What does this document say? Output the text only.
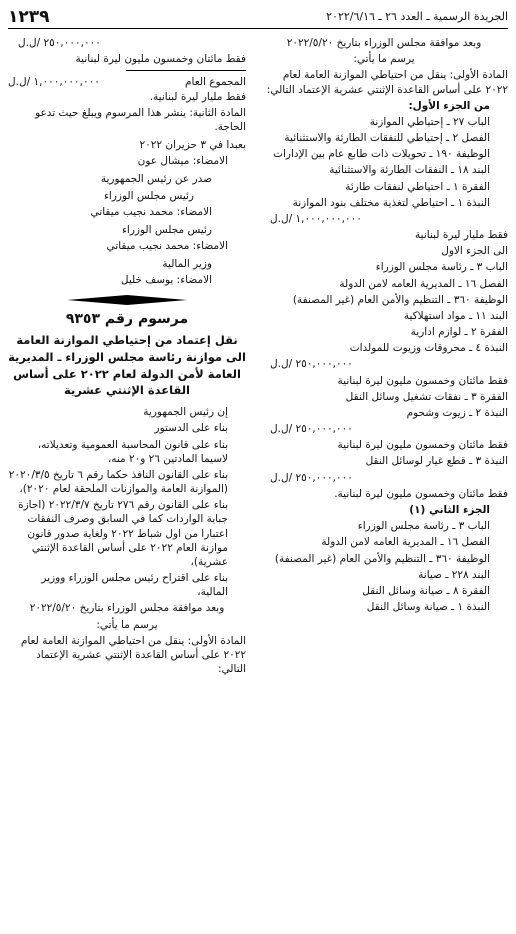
الجريدة الرسمية ـ العدد ٢٦ ـ ٢٠٢٢/٦/١٦
١٢٣٩

وبعد موافقة مجلس الوزراء بتاريخ ٢٠٢٢/٥/٢٠

يرسم ما يأتي:

المادة الأولى: ينقل من احتياطي الموازنة العامة لعام ٢٠٢٢ على أساس القاعدة الإثنتي عشرية الإعتماد التالي:

من الجزء الأول:

الباب ٢٧ ـ إحتياطي الموازنة

الفصل ٢ ـ إحتياطي للنفقات الطارئة والاستثنائية

الوظيفة ١٩٠ ـ تحويلات ذات طابع عام بين الإدارات

البند ١٨ ـ النفقات الطارئة والاستثنائية

الفقرة ١ ـ احتياطي لنفقات طارئة

النبذة ١ ـ احتياطي لتغذية مختلف بنود الموازنة

١,٠٠٠,٠٠٠,٠٠٠ /ل.ل

فقط مليار ليرة لبنانية

الى الجزء الاول

الباب ٣ ـ رئاسة مجلس الوزراء

الفصل ١٦ ـ المديرية العامه لامن الدولة

الوظيفة ٣٦٠ ـ التنظيم والأمن العام (غير المصنفة)

البند ١١ ـ مواد استهلاكية

الفقرة ٢ ـ لوازم ادارية

النبذة ٤ ـ محروقات وزيوت للمولدات

٢٥٠,٠٠٠,٠٠٠ /ل.ل

فقط مائتان وخمسون مليون ليرة لبنانية

الفقرة ٣ ـ نفقات تشغيل وسائل النقل

النبذة ٢ ـ زيوت وشحوم

٢٥٠,٠٠٠,٠٠٠ /ل.ل

فقط مائتان وخمسون مليون ليرة لبنانية

النبذة ٣ ـ قطع غيار لوسائل النقل

٢٥٠,٠٠٠,٠٠٠ /ل.ل

فقط مائتان وخمسون مليون ليرة لبنانية.

الجزء الثاني (١)

الباب ٣ ـ رئاسة مجلس الوزراء

الفصل ١٦ ـ المديرية العامه لامن الدولة

الوظيفة ٣٦٠ ـ التنظيم والأمن العام (غير المصنفة)

البند ٢٢٨ ـ صيانة

الفقرة ٨ ـ صيانة وسائل النقل

النبذة ١ ـ صيانة وسائل النقل

٢٥٠,٠٠٠,٠٠٠ /ل.ل

فقط مائتان وخمسون مليون ليرة لبنانية

المجموع العام
١,٠٠٠,٠٠٠,٠٠٠ /ل.ل

فقط مليار ليرة لبنانية.

المادة الثانية: ينشر هذا المرسوم ويبلغ حيث تدعو الحاجة.

بعبدا في ٣ حزيران ٢٠٢٢

الامضاء: ميشال عون

صدر عن رئيس الجمهورية

رئيس مجلس الوزراء

الامضاء: محمد نجيب ميقاتي

رئيس مجلس الوزراء

الامضاء: محمد نجيب ميقاتي

وزير المالية

الامضاء: يوسف خليل

مرسوم رقم ٩٣٥٣

نقل إعتماد من إحتياطي الموازنة العامة الى موازنة رئاسة مجلس الوزراء ـ المديرية العامة لأمن الدولة لعام ٢٠٢٢ على أساس القاعدة الإثنتي عشرية

إن رئيس الجمهورية

بناء على الدستور

بناء على قانون المحاسبة العمومية وتعديلاته، لاسيما المادتين ٢٦ و٢٠ منه،

بناء على القانون النافذ حكما رقم ٦ تاريخ ٢٠٢٠/٣/٥ (الموازنة العامة والموازنات الملحقة لعام ٢٠٢٠)،

بناء على القانون رقم ٢٧٦ تاريخ ٢٠٢٢/٣/٧ (اجازة جباية الواردات كما في السابق وصرف النفقات اعتبارا من اول شباط ٢٠٢٢ ولغاية صدور قانون موازنة العام ٢٠٢٢ على أساس القاعدة الإثنتي عشرية)،

بناء على اقتراح رئيس مجلس الوزراء ووزير المالية،

وبعد موافقة مجلس الوزراء بتاريخ ٢٠٢٢/٥/٢٠

يرسم ما يأتي:

المادة الأولى: ينقل من احتياطي الموازنة العامة لعام ٢٠٢٢ على أساس القاعدة الإثنتي عشرية الإعتماد التالي:
